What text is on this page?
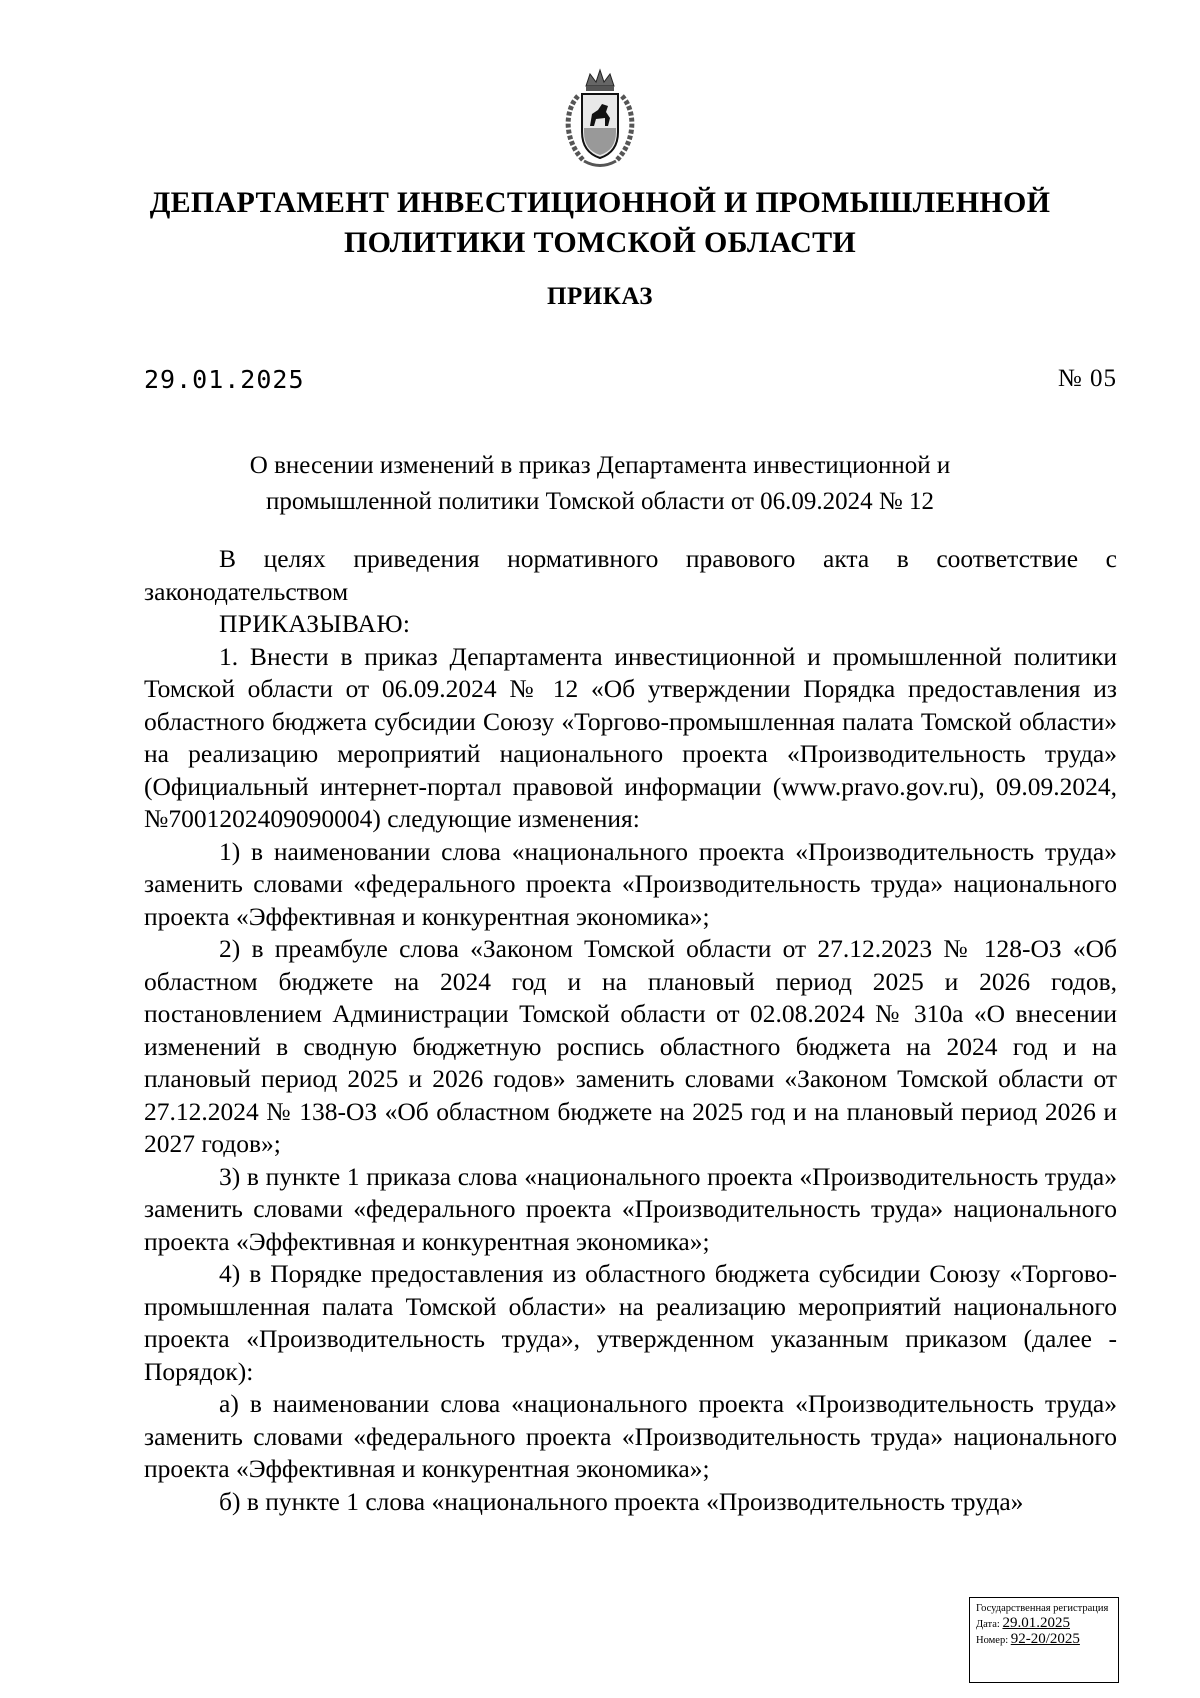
ДЕПАРТАМЕНТ ИНВЕСТИЦИОННОЙ И ПРОМЫШЛЕННОЙ
ПОЛИТИКИ ТОМСКОЙ ОБЛАСТИ
ПРИКАЗ
29.01.2025	№ 05
О внесении изменений в приказ Департамента инвестиционной и
промышленной политики Томской области от 06.09.2024 № 12

В целях приведения нормативного правового акта в соответствие с законодательством

ПРИКАЗЫВАЮ:

1. Внести в приказ Департамента инвестиционной и промышленной политики Томской области от 06.09.2024 № 12 «Об утверждении Порядка предоставления из областного бюджета субсидии Союзу «Торгово-промышленная палата Томской области» на реализацию мероприятий национального проекта «Производительность труда» (Официальный интернет-портал правовой информации (www.pravo.gov.ru), 09.09.2024, №7001202409090004) следующие изменения:

1) в наименовании слова «национального проекта «Производительность труда» заменить словами «федерального проекта «Производительность труда» национального проекта «Эффективная и конкурентная экономика»;

2) в преамбуле слова «Законом Томской области от 27.12.2023 № 128-ОЗ «Об областном бюджете на 2024 год и на плановый период 2025 и 2026 годов, постановлением Администрации Томской области от 02.08.2024 № 310а «О внесении изменений в сводную бюджетную роспись областного бюджета на 2024 год и на плановый период 2025 и 2026 годов» заменить словами «Законом Томской области от 27.12.2024 № 138-ОЗ «Об областном бюджете на 2025 год и на плановый период 2026 и 2027 годов»;

3) в пункте 1 приказа слова «национального проекта «Производительность труда» заменить словами «федерального проекта «Производительность труда» национального проекта «Эффективная и конкурентная экономика»;

4) в Порядке предоставления из областного бюджета субсидии Союзу «Торгово-промышленная палата Томской области» на реализацию мероприятий национального проекта «Производительность труда», утвержденном указанным приказом (далее - Порядок):

а) в наименовании слова «национального проекта «Производительность труда» заменить словами «федерального проекта «Производительность труда» национального проекта «Эффективная и конкурентная экономика»;

б) в пункте 1 слова «национального проекта «Производительность труда»

Государственная регистрация
Дата: 29.01.2025
Номер: 92-20/2025
